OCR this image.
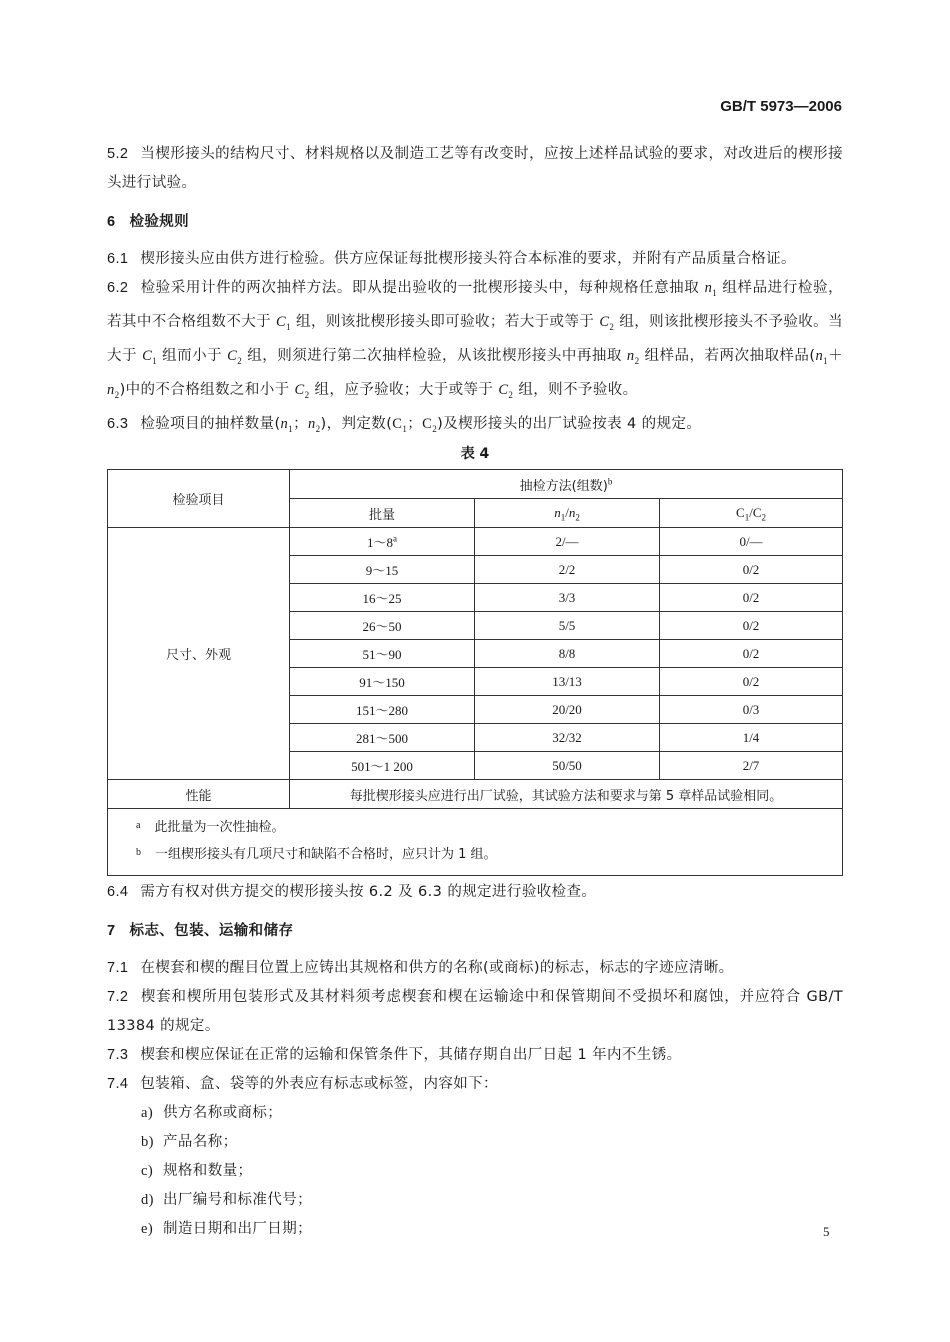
GB/T 5973—2006

5.2 当楔形接头的结构尺寸、材料规格以及制造工艺等有改变时，应按上述样品试验的要求，对改进后的楔形接头进行试验。

6 检验规则

6.1 楔形接头应由供方进行检验。供方应保证每批楔形接头符合本标准的要求，并附有产品质量合格证。

6.2 检验采用计件的两次抽样方法。即从提出验收的一批楔形接头中，每种规格任意抽取 $n_1$ 组样品进行检验，若其中不合格组数不大于 $C_1$ 组，则该批楔形接头即可验收；若大于或等于 $C_2$ 组，则该批楔形接头不予验收。当大于 $C_1$ 组而小于 $C_2$ 组，则须进行第二次抽样检验，从该批楔形接头中再抽取 $n_2$ 组样品，若两次抽取样品$(n_1+n_2)$中的不合格组数之和小于 $C_2$ 组，应予验收；大于或等于 $C_2$ 组，则不予验收。

6.3 检验项目的抽样数量($n_1$；$n_2$)，判定数($C_1$；$C_2$)及楔形接头的出厂试验按表 4 的规定。

表 4
检验项目	抽检方法(组数)$^b$
	批量	$n_1/n_2$	$C_1/C_2$
尺寸、外观	1～8$^a$	2/—	0/—
	9～15	2/2	0/2
	16～25	3/3	0/2
	26～50	5/5	0/2
	51～90	8/8	0/2
	91～150	13/13	0/2
	151～280	20/20	0/3
	281～500	32/32	1/4
	501～1 200	50/50	2/7
性能	每批楔形接头应进行出厂试验，其试验方法和要求与第 5 章样品试验相同。		

$^a$ 此批量为一次性抽检。
$^b$ 一组楔形接头有几项尺寸和缺陷不合格时，应只计为 1 组。			

6.4 需方有权对供方提交的楔形接头按 6.2 及 6.3 的规定进行验收检查。

7 标志、包装、运输和储存

7.1 在楔套和楔的醒目位置上应铸出其规格和供方的名称(或商标)的标志，标志的字迹应清晰。

7.2 楔套和楔所用包装形式及其材料须考虑楔套和楔在运输途中和保管期间不受损坏和腐蚀，并应符合 GB/T 13384 的规定。

7.3 楔套和楔应保证在正常的运输和保管条件下，其储存期自出厂日起 1 年内不生锈。

7.4 包装箱、盒、袋等的外表应有标志或标签，内容如下：

a) 供方名称或商标；

b) 产品名称；

c) 规格和数量；

d) 出厂编号和标准代号；

e) 制造日期和出厂日期；	5
